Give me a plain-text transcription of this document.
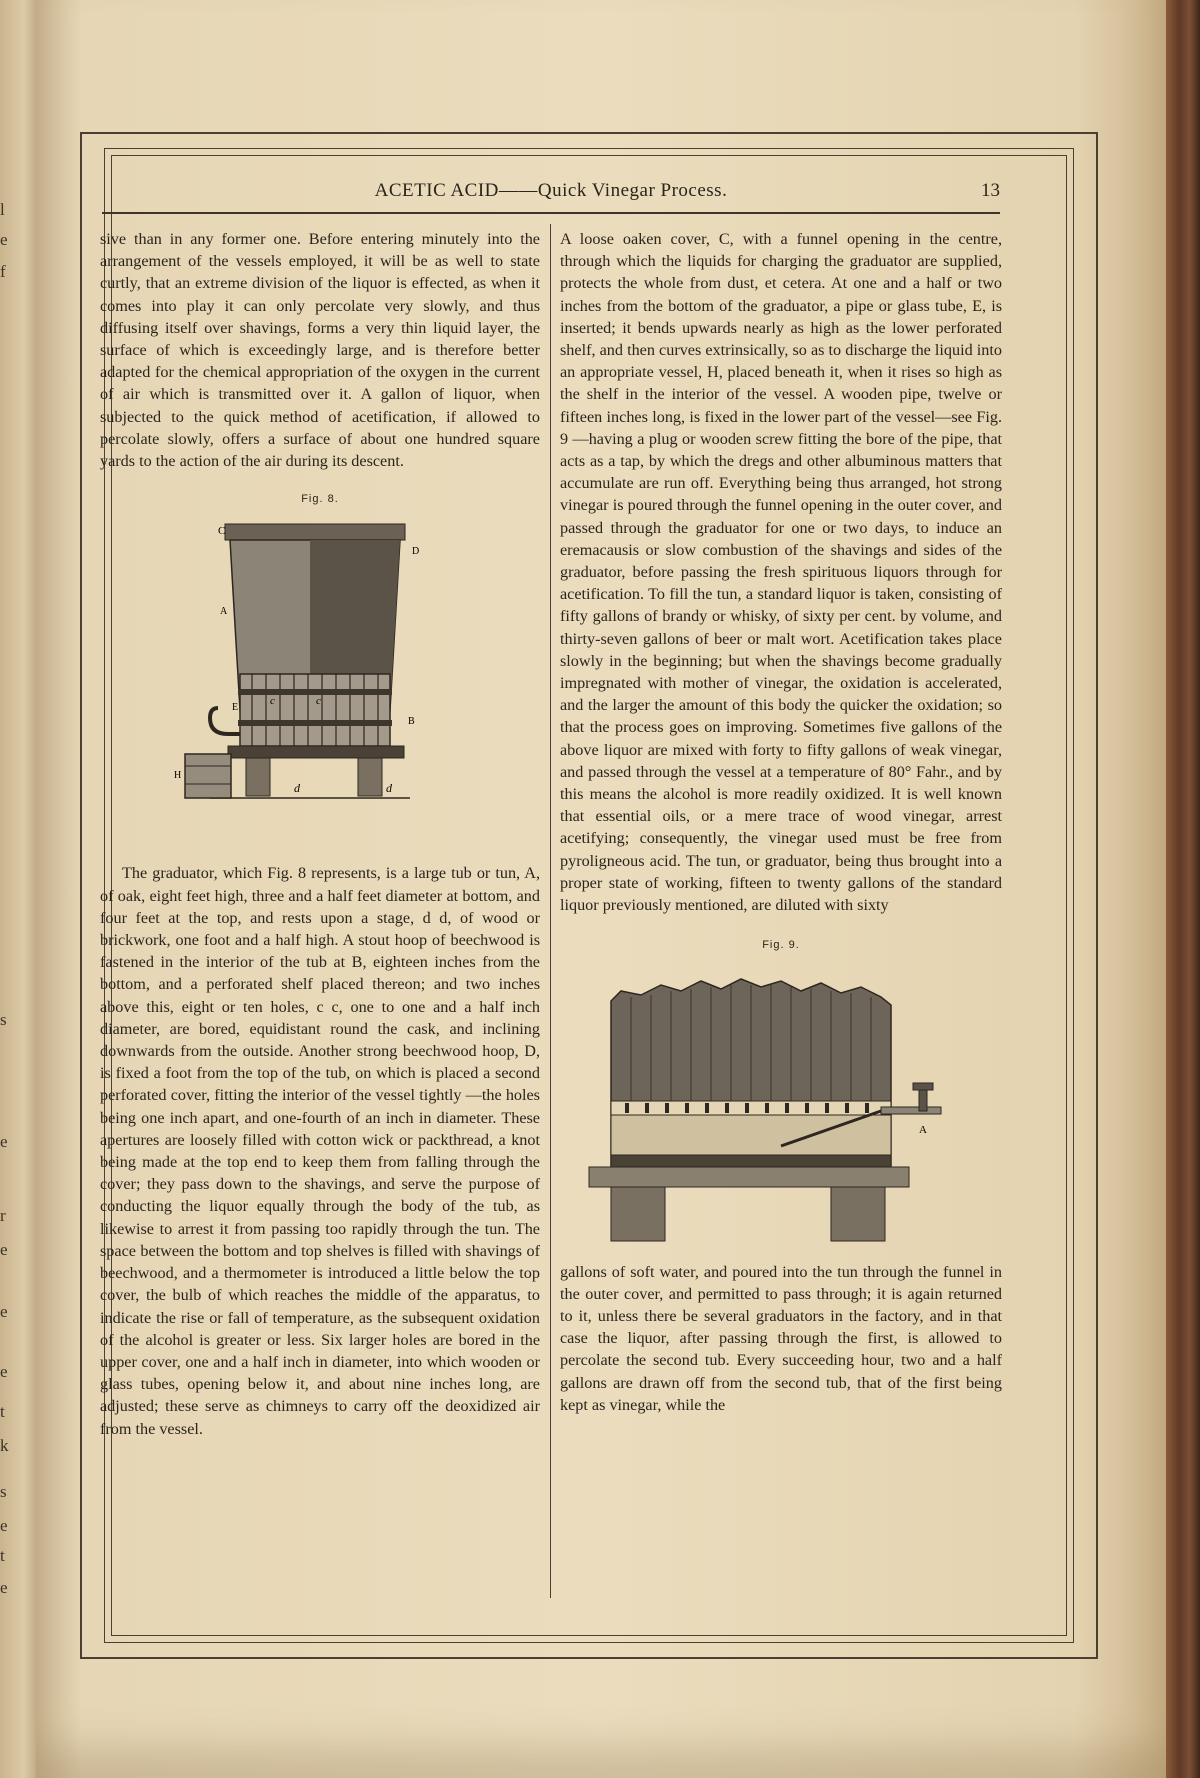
l
e
f
s
e
r
e
e
e
t
k
s
e
t
e
ACETIC ACID——Quick Vinegar Process.	13

sive than in any former one. Before entering minutely into the arrangement of the vessels employed, it will be as well to state curtly, that an extreme division of the liquor is effected, as when it comes into play it can only percolate very slowly, and thus diffusing itself over shavings, forms a very thin liquid layer, the surface of which is exceedingly large, and is therefore better adapted for the chemical appropriation of the oxygen in the current of air which is transmitted over it. A gallon of liquor, when subjected to the quick method of acetification, if allowed to percolate slowly, offers a surface of about one hundred square yards to the action of the air during its descent.

Fig. 8.
C
D
A
E
c	c
B
H
d	d

The graduator, which Fig. 8 represents, is a large tub or tun, A, of oak, eight feet high, three and a half feet diameter at bottom, and four feet at the top, and rests upon a stage, d d, of wood or brickwork, one foot and a half high. A stout hoop of beechwood is fastened in the interior of the tub at B, eighteen inches from the bottom, and a perforated shelf placed thereon; and two inches above this, eight or ten holes, c c, one to one and a half inch diameter, are bored, equidistant round the cask, and inclining downwards from the outside. Another strong beechwood hoop, D, is fixed a foot from the top of the tub, on which is placed a second perforated cover, fitting the interior of the vessel tightly —the holes being one inch apart, and one-fourth of an inch in diameter. These apertures are loosely filled with cotton wick or packthread, a knot being made at the top end to keep them from falling through the cover; they pass down to the shavings, and serve the purpose of conducting the liquor equally through the body of the tub, as likewise to arrest it from passing too rapidly through the tun. The space between the bottom and top shelves is filled with shavings of beechwood, and a thermometer is introduced a little below the top cover, the bulb of which reaches the middle of the apparatus, to indicate the rise or fall of temperature, as the subsequent oxidation of the alcohol is greater or less. Six larger holes are bored in the upper cover, one and a half inch in diameter, into which wooden or glass tubes, opening below it, and about nine inches long, are adjusted; these serve as chimneys to carry off the deoxidized air from the vessel.

A loose oaken cover, C, with a funnel opening in the centre, through which the liquids for charging the graduator are supplied, protects the whole from dust, et cetera. At one and a half or two inches from the bottom of the graduator, a pipe or glass tube, E, is inserted; it bends upwards nearly as high as the lower perforated shelf, and then curves extrinsically, so as to discharge the liquid into an appropriate vessel, H, placed beneath it, when it rises so high as the shelf in the interior of the vessel. A wooden pipe, twelve or fifteen inches long, is fixed in the lower part of the vessel—see Fig. 9 —having a plug or wooden screw fitting the bore of the pipe, that acts as a tap, by which the dregs and other albuminous matters that accumulate are run off. Everything being thus arranged, hot strong vinegar is poured through the funnel opening in the outer cover, and passed through the graduator for one or two days, to induce an eremacausis or slow combustion of the shavings and sides of the graduator, before passing the fresh spirituous liquors through for acetification. To fill the tun, a standard liquor is taken, consisting of fifty gallons of brandy or whisky, of sixty per cent. by volume, and thirty-seven gallons of beer or malt wort. Acetification takes place slowly in the beginning; but when the shavings become gradually impregnated with mother of vinegar, the oxidation is accelerated, and the larger the amount of this body the quicker the oxidation; so that the process goes on improving. Sometimes five gallons of the above liquor are mixed with forty to fifty gallons of weak vinegar, and passed through the vessel at a temperature of 80° Fahr., and by this means the alcohol is more readily oxidized. It is well known that essential oils, or a mere trace of wood vinegar, arrest acetifying; consequently, the vinegar used must be free from pyroligneous acid. The tun, or graduator, being thus brought into a proper state of working, fifteen to twenty gallons of the standard liquor previously mentioned, are diluted with sixty

Fig. 9.
A

gallons of soft water, and poured into the tun through the funnel in the outer cover, and permitted to pass through; it is again returned to it, unless there be several graduators in the factory, and in that case the liquor, after passing through the first, is allowed to percolate the second tub. Every succeeding hour, two and a half gallons are drawn off from the second tub, that of the first being kept as vinegar, while the
